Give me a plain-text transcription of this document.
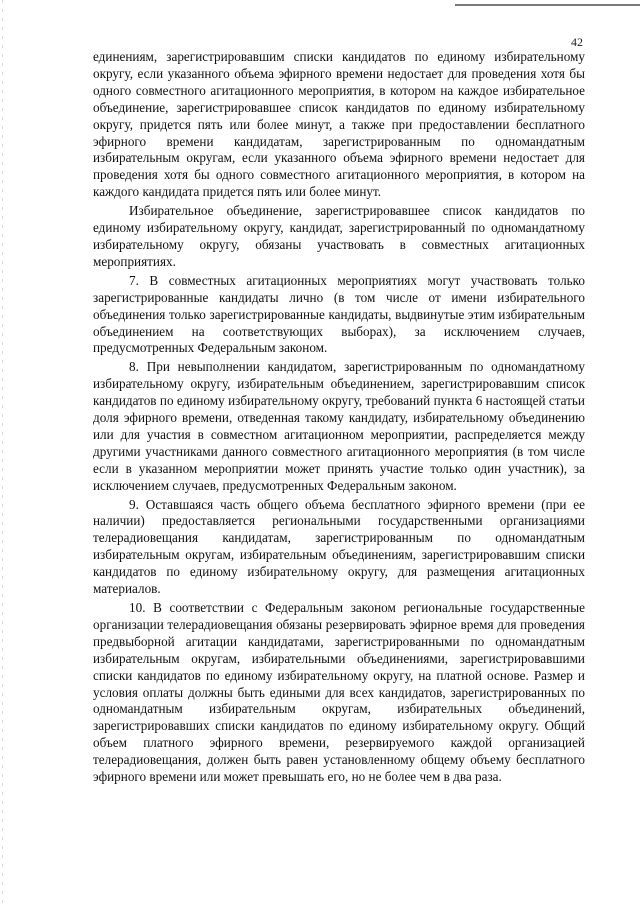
42

единениям, зарегистрировавшим списки кандидатов по единому избирательному округу, если указанного объема эфирного времени недостает для проведения хотя бы одного совместного агитационного мероприятия, в котором на каждое избирательное объединение, зарегистрировавшее список кандидатов по единому избирательному округу, придется пять или более минут, а также при предоставлении бесплатного эфирного времени кандидатам, зарегистрированным по одномандатным избирательным округам, если указанного объема эфирного времени недостает для проведения хотя бы одного совместного агитационного мероприятия, в котором на каждого кандидата придется пять или более минут.

Избирательное объединение, зарегистрировавшее список кандидатов по единому избирательному округу, кандидат, зарегистрированный по одномандатному избирательному округу, обязаны участвовать в совместных агитационных мероприятиях.

7. В совместных агитационных мероприятиях могут участвовать только зарегистрированные кандидаты лично (в том числе от имени избирательного объединения только зарегистрированные кандидаты, выдвинутые этим избирательным объединением на соответствующих выборах), за исключением случаев, предусмотренных Федеральным законом.

8. При невыполнении кандидатом, зарегистрированным по одномандатному избирательному округу, избирательным объединением, зарегистрировавшим список кандидатов по единому избирательному округу, требований пункта 6 настоящей статьи доля эфирного времени, отведенная такому кандидату, избирательному объединению или для участия в совместном агитационном мероприятии, распределяется между другими участниками данного совместного агитационного мероприятия (в том числе если в указанном мероприятии может принять участие только один участник), за исключением случаев, предусмотренных Федеральным законом.

9. Оставшаяся часть общего объема бесплатного эфирного времени (при ее наличии) предоставляется региональными государственными организациями телерадиовещания кандидатам, зарегистрированным по одномандатным избирательным округам, избирательным объединениям, зарегистрировавшим списки кандидатов по единому избирательному округу, для размещения агитационных материалов.

10. В соответствии с Федеральным законом региональные государственные организации телерадиовещания обязаны резервировать эфирное время для проведения предвыборной агитации кандидатами, зарегистрированными по одномандатным избирательным округам, избирательными объединениями, зарегистрировавшими списки кандидатов по единому избирательному округу, на платной основе. Размер и условия оплаты должны быть едиными для всех кандидатов, зарегистрированных по одномандатным избирательным округам, избирательных объединений, зарегистрировавших списки кандидатов по единому избирательному округу. Общий объем платного эфирного времени, резервируемого каждой организацией телерадиовещания, должен быть равен установленному общему объему бесплатного эфирного времени или может превышать его, но не более чем в два раза.
